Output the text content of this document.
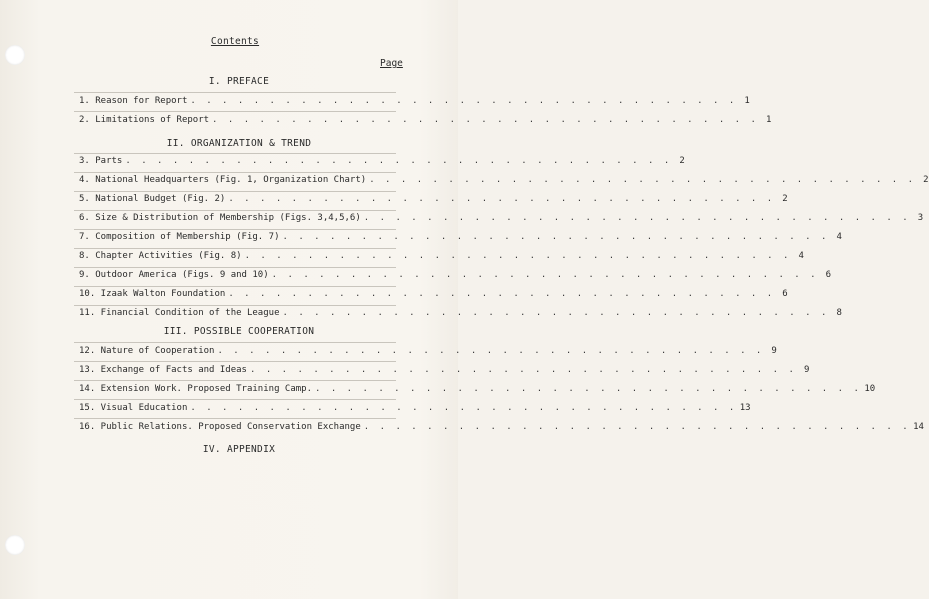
Contents
Page
I. PREFACE
1. Reason for Report . . . . . . . . . . . . . . . . . . . . . . . . . . . . . . . . . . . 1
2. Limitations of Report . . . . . . . . . . . . . . . . . . . . . . . . . . . . . . . . . . . 1
II. ORGANIZATION & TREND
3. Parts . . . . . . . . . . . . . . . . . . . . . . . . . . . . . . . . . . . 2
4. National Headquarters (Fig. 1, Organization Chart) . . . . . . . . . . . . . . . . . . . . . . . . . . . . . . . . . . . 2
5. National Budget (Fig. 2) . . . . . . . . . . . . . . . . . . . . . . . . . . . . . . . . . . . 2
6. Size & Distribution of Membership (Figs. 3,4,5,6) . . . . . . . . . . . . . . . . . . . . . . . . . . . . . . . . . . . 3
7. Composition of Membership (Fig. 7) . . . . . . . . . . . . . . . . . . . . . . . . . . . . . . . . . . . 4
8. Chapter Activities (Fig. 8) . . . . . . . . . . . . . . . . . . . . . . . . . . . . . . . . . . . 4
9. Outdoor America (Figs. 9 and 10) . . . . . . . . . . . . . . . . . . . . . . . . . . . . . . . . . . . 6
10. Izaak Walton Foundation . . . . . . . . . . . . . . . . . . . . . . . . . . . . . . . . . . . 6
11. Financial Condition of the League . . . . . . . . . . . . . . . . . . . . . . . . . . . . . . . . . . . 8
III. POSSIBLE COOPERATION
12. Nature of Cooperation . . . . . . . . . . . . . . . . . . . . . . . . . . . . . . . . . . . 9
13. Exchange of Facts and Ideas . . . . . . . . . . . . . . . . . . . . . . . . . . . . . . . . . . . 9
14. Extension Work. Proposed Training Camp. . . . . . . . . . . . . . . . . . . . . . . . . . . . . . . . . . . . 10
15. Visual Education . . . . . . . . . . . . . . . . . . . . . . . . . . . . . . . . . . . 13
16. Public Relations. Proposed Conservation Exchange . . . . . . . . . . . . . . . . . . . . . . . . . . . . . . . . . . . 14
IV. APPENDIX
